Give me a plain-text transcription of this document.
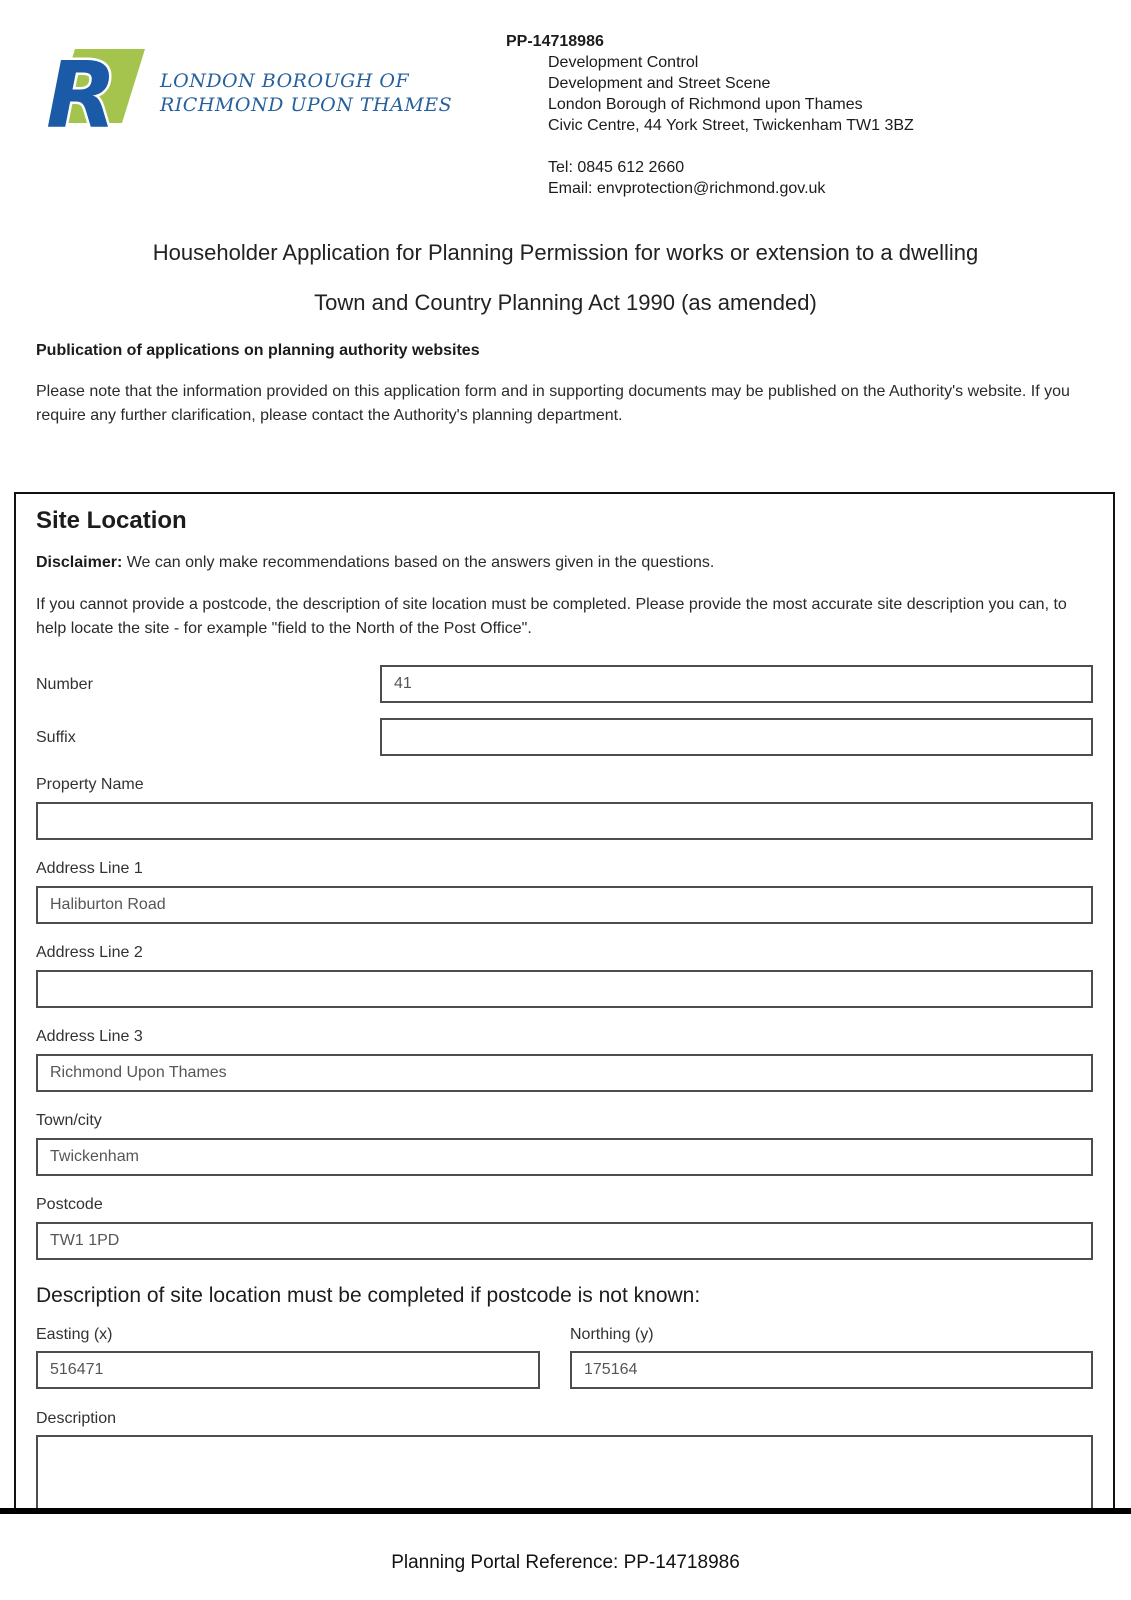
R LONDON BOROUGH OF
RICHMOND UPON THAMES
PP-14718986
Development Control
Development and Street Scene
London Borough of Richmond upon Thames
Civic Centre, 44 York Street, Twickenham TW1 3BZ
Tel: 0845 612 2660
Email: envprotection@richmond.gov.uk
Householder Application for Planning Permission for works or extension to a dwelling
Town and Country Planning Act 1990 (as amended)
Publication of applications on planning authority websites

Please note that the information provided on this application form and in supporting documents may be published on the Authority's website. If you require any further clarification, please contact the Authority's planning department.

Site Location

Disclaimer: We can only make recommendations based on the answers given in the questions.

If you cannot provide a postcode, the description of site location must be completed. Please provide the most accurate site description you can, to help locate the site - for example "field to the North of the Post Office".

Number
41
Suffix
Property Name
Address Line 1
Haliburton Road
Address Line 2
Address Line 3
Richmond Upon Thames
Town/city
Twickenham
Postcode
TW1 1PD
Description of site location must be completed if postcode is not known:
Easting (x)
516471	Northing (y)
175164
Description
Planning Portal Reference: PP-14718986
